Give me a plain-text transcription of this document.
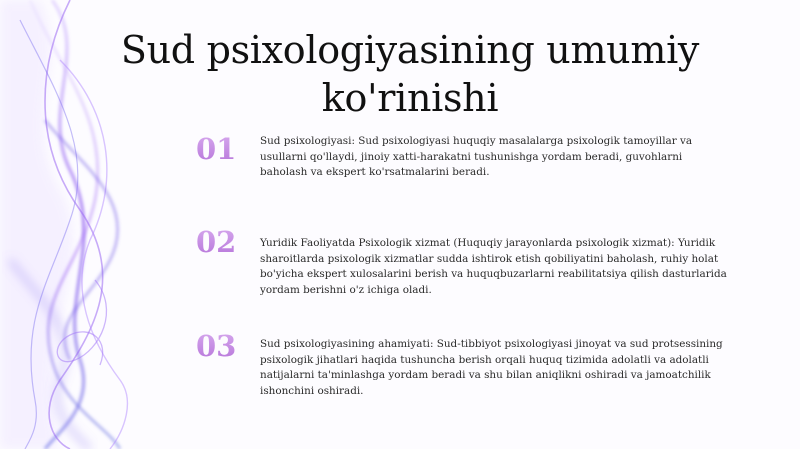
Sud psixologiyasining umumiy ko'rinishi
01	Sud psixologiyasi: Sud psixologiyasi huquqiy masalalarga psixologik tamoyillar va usullarni qo'llaydi, jinoiy xatti-harakatni tushunishga yordam beradi, guvohlarni baholash va ekspert ko'rsatmalarini beradi.

02	Yuridik Faoliyatda Psixologik xizmat (Huquqiy jarayonlarda psixologik xizmat): Yuridik sharoitlarda psixologik xizmatlar sudda ishtirok etish qobiliyatini baholash, ruhiy holat bo'yicha ekspert xulosalarini berish va huquqbuzarlarni reabilitatsiya qilish dasturlarida yordam berishni o'z ichiga oladi.

03	Sud psixologiyasining ahamiyati: Sud-tibbiyot psixologiyasi jinoyat va sud protsessining psixologik jihatlari haqida tushuncha berish orqali huquq tizimida adolatli va adolatli natijalarni ta'minlashga yordam beradi va shu bilan aniqlikni oshiradi va jamoatchilik ishonchini oshiradi.
